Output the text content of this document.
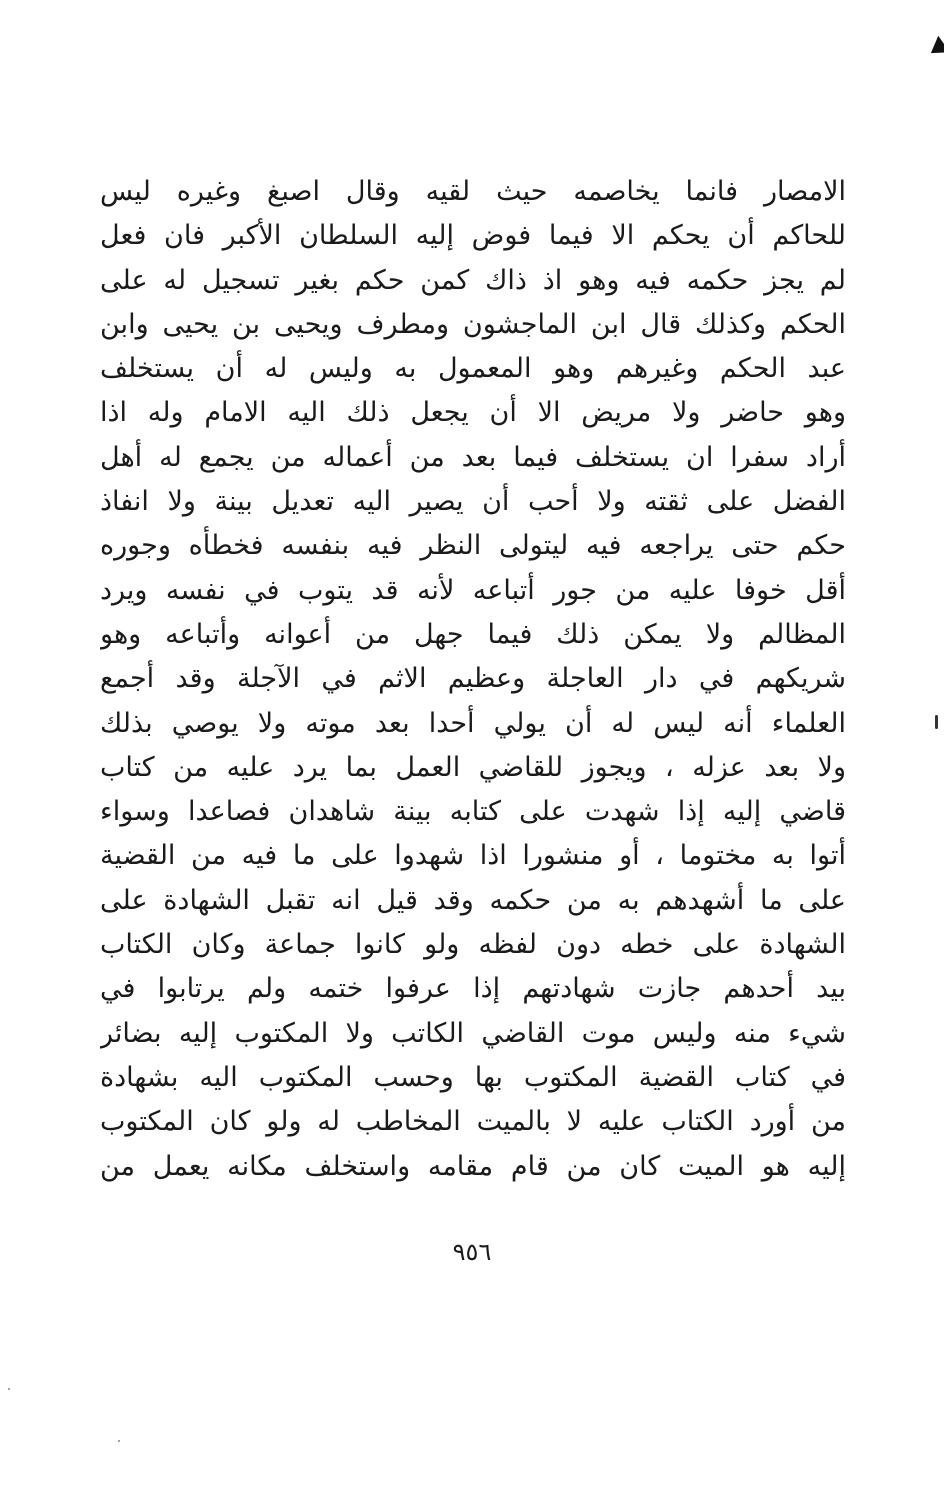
الامصار فانما يخاصمه حيث لقيه وقال اصبغ وغيره ليس
للحاكم أن يحكم الا فيما فوض إليه السلطان الأكبر فان فعل
لم يجز حكمه فيه وهو اذ ذاك كمن حكم بغير تسجيل له على
الحكم وكذلك قال ابن الماجشون ومطرف ويحيى بن يحيى وابن
عبد الحكم وغيرهم وهو المعمول به وليس له أن يستخلف
وهو حاضر ولا مريض الا أن يجعل ذلك اليه الامام وله اذا
أراد سفرا ان يستخلف فيما بعد من أعماله من يجمع له أهل
الفضل على ثقته ولا أحب أن يصير اليه تعديل بينة ولا انفاذ
حكم حتى يراجعه فيه ليتولى النظر فيه بنفسه فخطأه وجوره
أقل خوفا عليه من جور أتباعه لأنه قد يتوب في نفسه ويرد
المظالم ولا يمكن ذلك فيما جهل من أعوانه وأتباعه وهو
شريكهم في دار العاجلة وعظيم الاثم في الآجلة وقد أجمع
العلماء أنه ليس له أن يولي أحدا بعد موته ولا يوصي بذلك
ولا بعد عزله ، ويجوز للقاضي العمل بما يرد عليه من كتاب
قاضي إليه إذا شهدت على كتابه بينة شاهدان فصاعدا وسواء
أتوا به مختوما ، أو منشورا اذا شهدوا على ما فيه من القضية
على ما أشهدهم به من حكمه وقد قيل انه تقبل الشهادة على
الشهادة على خطه دون لفظه ولو كانوا جماعة وكان الكتاب
بيد أحدهم جازت شهادتهم إذا عرفوا ختمه ولم يرتابوا في
شيء منه وليس موت القاضي الكاتب ولا المكتوب إليه بضائر
في كتاب القضية المكتوب بها وحسب المكتوب اليه بشهادة
من أورد الكتاب عليه لا بالميت المخاطب له ولو كان المكتوب
إليه هو الميت كان من قام مقامه واستخلف مكانه يعمل من
٩٥٦
